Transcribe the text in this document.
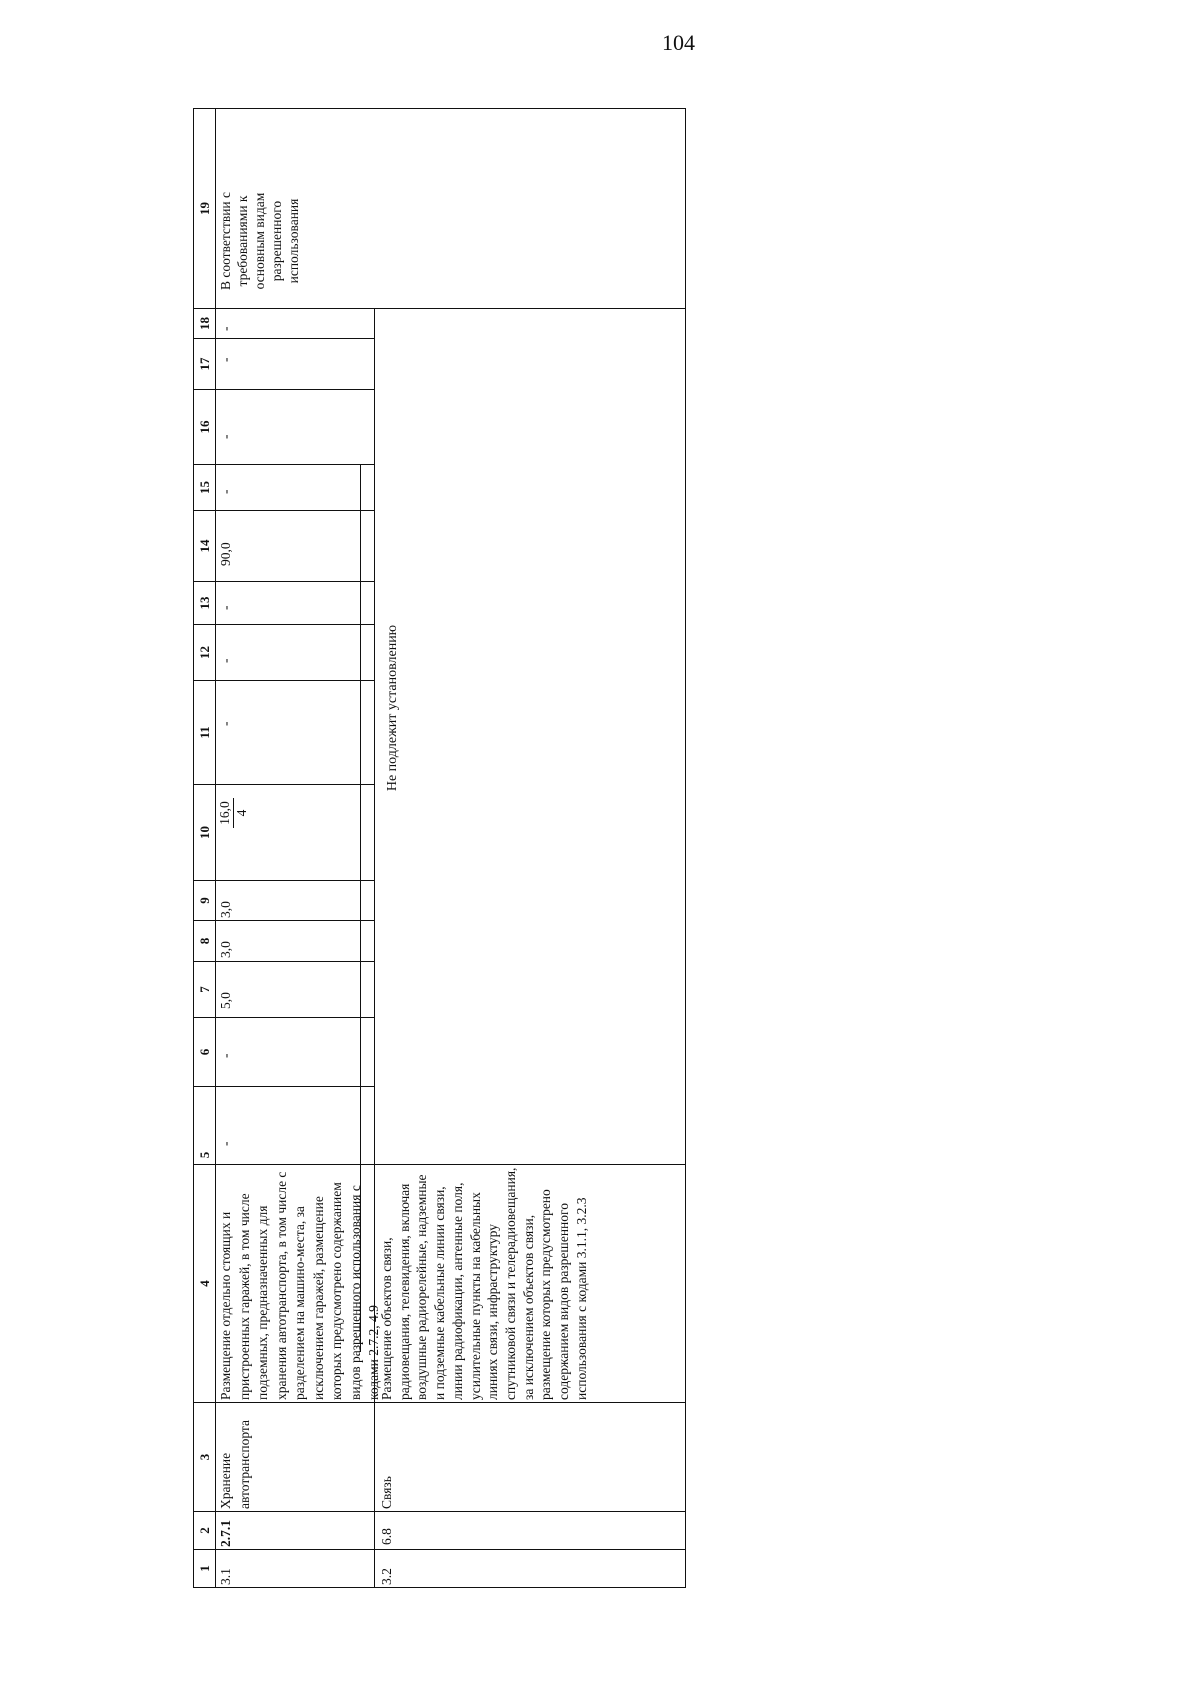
104
1
2
3
4
5
6
7
8
9
10
11
12
13
14
15
16
17
18
19
3.1
2.7.1
Хранение автотранспорта
Размещение отдельно стоящих и пристроенных гаражей, в том числе подземных, предназначенных для хранения автотранспорта, в том числе с разделением на машино-места, за исключением гаражей, размещение которых предусмотрено содержанием видов разрешенного использования с кодами 2.7.2, 4.9
-
-
5,0
3,0
3,0
16,0 4
-
-
-
90,0
-
-
-
-
В соответствии с требованиями к основным видам разрешенного использования
3.2
6.8
Связь
Размещение объектов связи, радиовещания, телевидения, включая воздушные радиорелейные, надземные и подземные кабельные линии связи, линии радиофикации, антенные поля, усилительные пункты на кабельных линиях связи, инфраструктуру спутниковой связи и телерадиовещания, за исключением объектов связи, размещение которых предусмотрено содержанием видов разрешенного использования с кодами 3.1.1, 3.2.3
Не подлежит установлению
